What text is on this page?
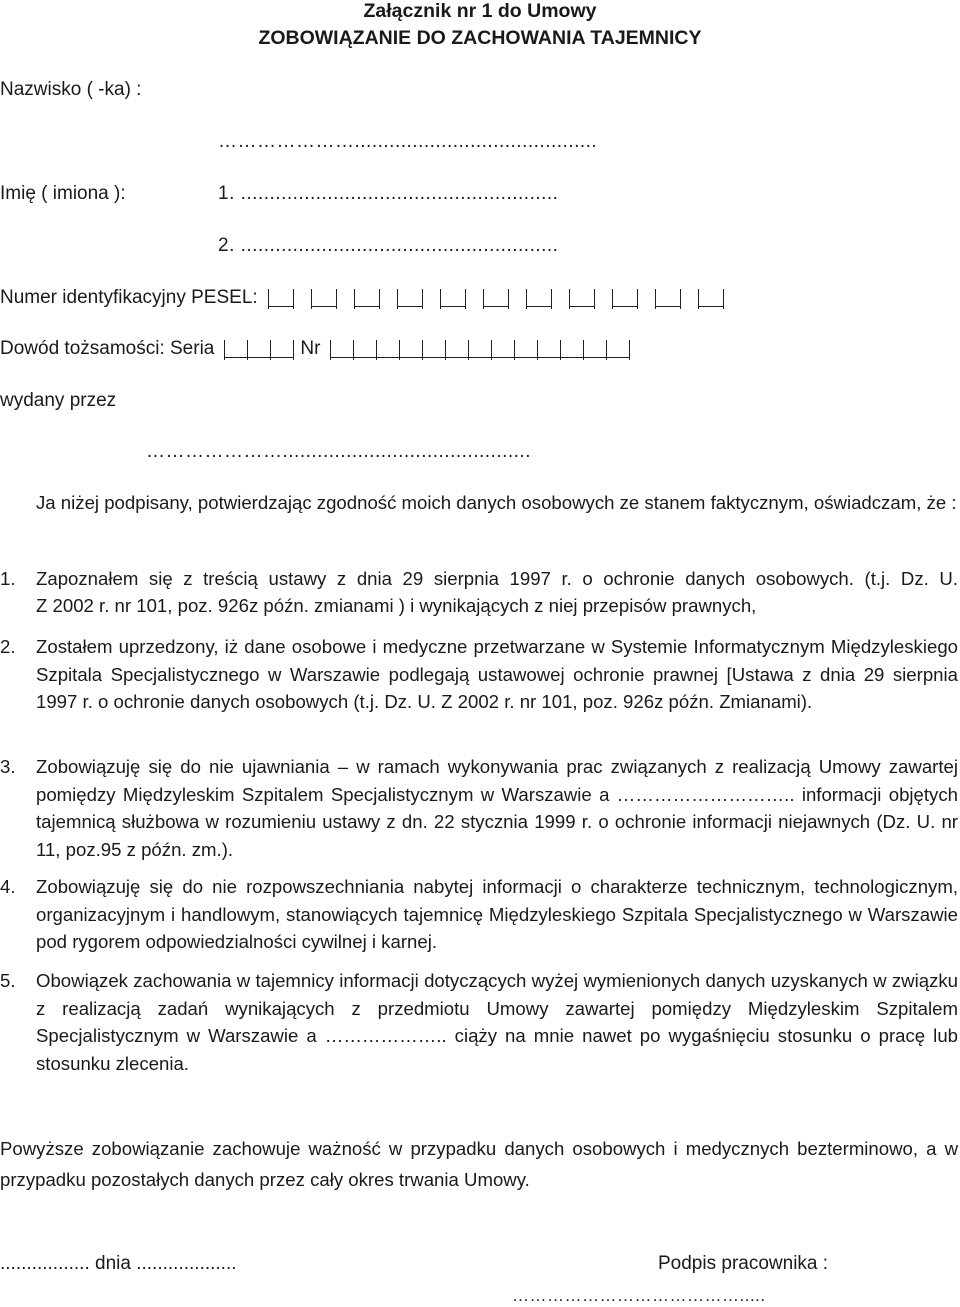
Załącznik nr 1 do Umowy
ZOBOWIĄZANIE DO ZACHOWANIA TAJEMNICY
Nazwisko ( -ka) :
…………………..........................................
Imię ( imiona ):	1. .......................................................
2. .......................................................
Numer identyfikacyjny PESEL:
Dowód tożsamości: Seria	Nr
wydany przez
…………………...........................................
Ja niżej podpisany, potwierdzając zgodność moich danych osobowych ze stanem faktycznym, oświadczam, że :
1. Zapoznałem się z treścią ustawy z dnia 29 sierpnia 1997 r. o ochronie danych osobowych. (t.j. Dz. U.
Z 2002 r. nr 101, poz. 926z późn. zmianami ) i wynikających z niej przepisów prawnych,
2. Zostałem uprzedzony, iż dane osobowe i medyczne przetwarzane w Systemie Informatycznym Międzyleskiego Szpitala Specjalistycznego w Warszawie podlegają ustawowej ochronie prawnej [Ustawa z dnia 29 sierpnia 1997 r. o ochronie danych osobowych (t.j. Dz. U. Z 2002 r. nr 101, poz. 926z późn. Zmianami).
3. Zobowiązuję się do nie ujawniania – w ramach wykonywania prac związanych z realizacją Umowy zawartej pomiędzy Międzyleskim Szpitalem Specjalistycznym w Warszawie a ……………………….. informacji objętych tajemnicą służbowa w rozumieniu ustawy z dn. 22 stycznia 1999 r. o ochronie informacji niejawnych (Dz. U. nr 11, poz.95 z późn. zm.).
4. Zobowiązuję się do nie rozpowszechniania nabytej informacji o charakterze technicznym, technologicznym, organizacyjnym i handlowym, stanowiących tajemnicę Międzyleskiego Szpitala Specjalistycznego w Warszawie pod rygorem odpowiedzialności cywilnej i karnej.
5. Obowiązek zachowania w tajemnicy informacji dotyczących wyżej wymienionych danych uzyskanych w związku z realizacją zadań wynikających z przedmiotu Umowy zawartej pomiędzy Międzyleskim Szpitalem Specjalistycznym w Warszawie a ……………….. ciąży na mnie nawet po wygaśnięciu stosunku o pracę lub stosunku zlecenia.
Powyższe zobowiązanie zachowuje ważność w przypadku danych osobowych i medycznych bezterminowo, a w przypadku pozostałych danych przez cały okres trwania Umowy.
................. dnia ...................	Podpis pracownika :
………………………………….....
